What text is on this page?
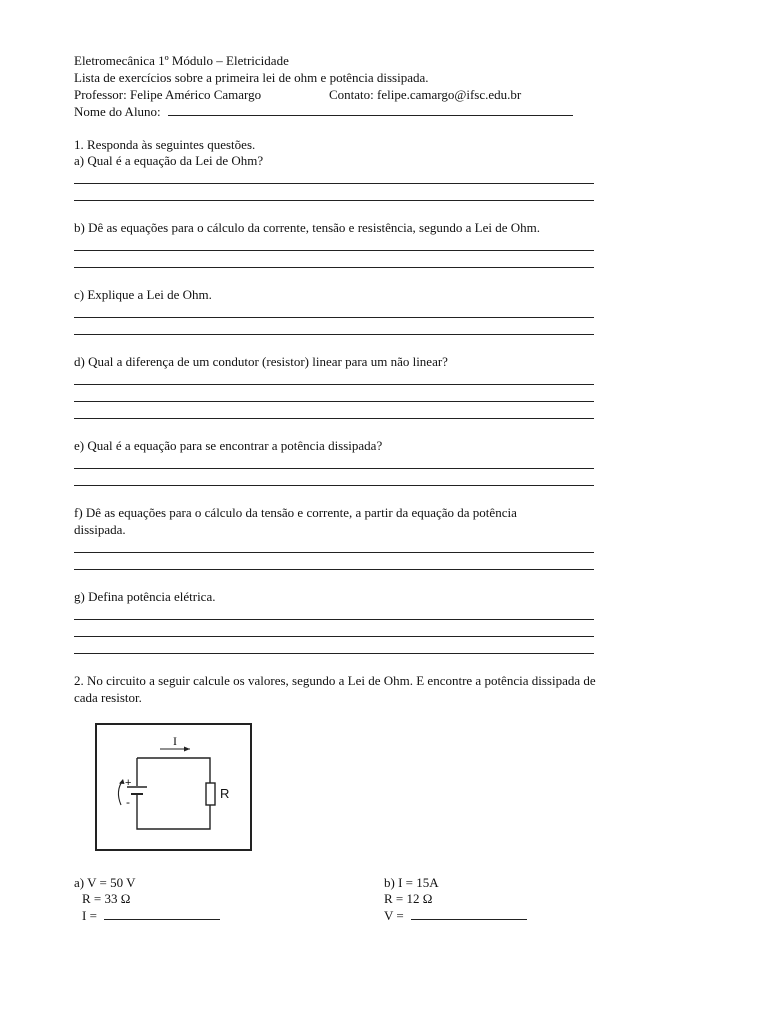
Eletromecânica 1º Módulo – Eletricidade
Lista de exercícios sobre a primeira lei de ohm e potência dissipada.
Professor: Felipe Américo Camargo	Contato: felipe.camargo@ifsc.edu.br
Nome do Aluno:
1. Responda às seguintes questões.
a) Qual é a equação da Lei de Ohm?
b) Dê as equações para o cálculo da corrente, tensão e resistência, segundo a Lei de Ohm.
c) Explique a Lei de Ohm.
d) Qual a diferença de um condutor (resistor) linear para um não linear?
e) Qual é a equação para se encontrar a potência dissipada?
f) Dê as equações para o cálculo da tensão e corrente, a partir da equação da potência
dissipada.
g) Defina potência elétrica.
2. No circuito a seguir calcule os valores, segundo a Lei de Ohm. E encontre a potência dissipada de
cada resistor.
I
R
+
-
a) V = 50 V
R = 33 Ω
I =
b) I = 15A
R = 12 Ω
V =
